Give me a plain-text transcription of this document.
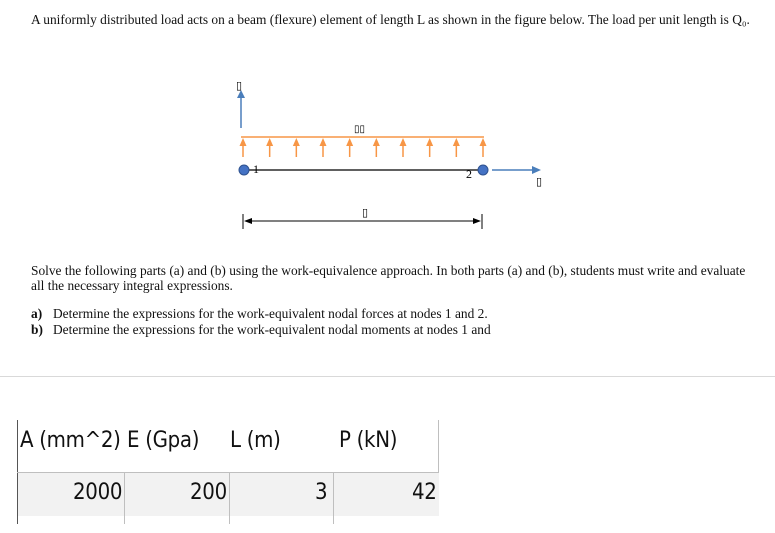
A uniformly distributed load acts on a beam (flexure) element of length L as shown in the figure below. The load per unit length is Q₀.

▯
▯▯
1	2
▯
▯

Solve the following parts (a) and (b) using the work-equivalence approach. In both parts (a) and (b), students must write and evaluate all the necessary integral expressions.

a) Determine the expressions for the work-equivalent nodal forces at nodes 1 and 2.
b) Determine the expressions for the work-equivalent nodal moments at nodes 1 and
A (mm^2) E (Gpa) L (m)	P (kN)
2000	200	3	42
